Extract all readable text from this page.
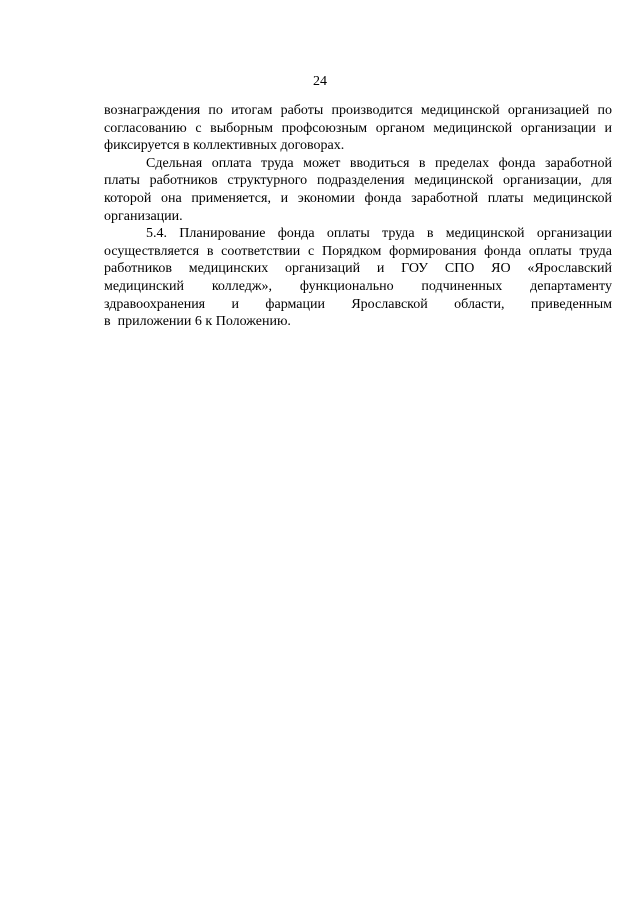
24

вознаграждения по итогам работы производится медицинской организацией по
согласованию с выборным профсоюзным органом медицинской организации и
фиксируется в коллективных договорах.

Сдельная оплата труда может вводиться в пределах фонда заработной
платы работников структурного подразделения медицинской организации, для
которой она применяется, и экономии фонда заработной платы медицинской
организации.

5.4. Планирование фонда оплаты труда в медицинской организации
осуществляется в соответствии с Порядком формирования фонда оплаты труда
работников медицинских организаций и ГОУ СПО ЯО «Ярославский
медицинский колледж», функционально подчиненных департаменту
здравоохранения и фармации Ярославской области, приведенным
в  приложении 6 к Положению.
